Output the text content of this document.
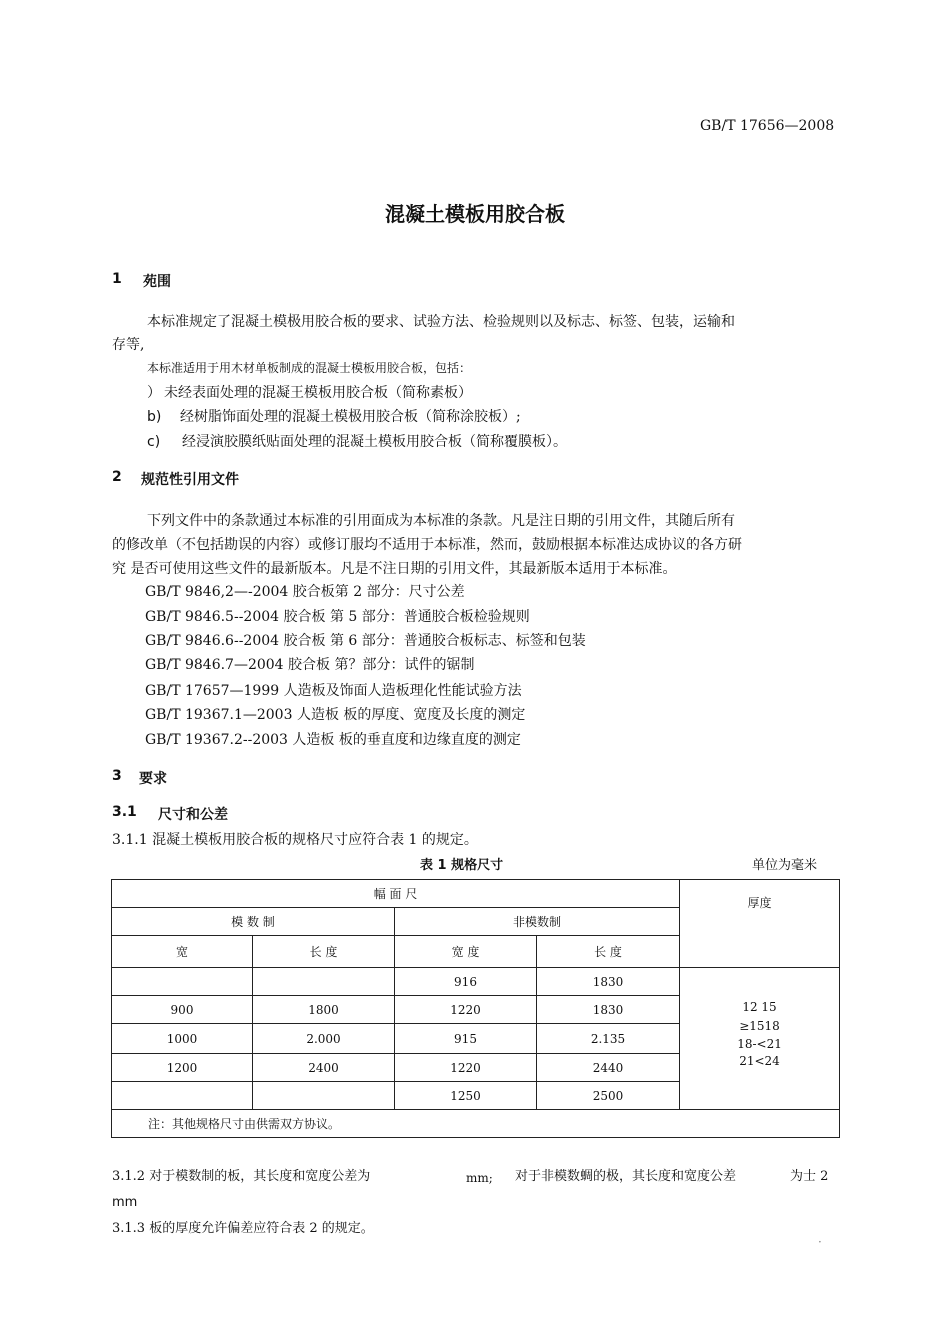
GB/T 17656—2008
混凝土模板用胶合板
1 苑围
本标准规定了混凝土模极用胶合板的要求、试验方法、检验规则以及标志、标签、包装，运输和
存等,
本标准适用于用木材单板制成的混凝士模板用胶合板，包括：
） 未经表面处理的混凝王模板用胶合板（简称素板）
b) 经树脂饰面处理的混凝土模极用胶合板（简称涂胶板）;
c) 经浸演胶膜纸贴面处理的混凝土模板用胶合板（简称覆膜板）。
2 规范性引用文件
下列文件中的条款通过本标准的引用面成为本标准的条款。凡是注日期的引用文件，其随后所有
的修改单（不包括勘误的内容）或修订服均不适用于本标准，然而，鼓励根据本标准达成协议的各方研
究 是否可使用这些文件的最新版本。凡是不注日期的引用文件，其最新版本适用于本标准。
GB/T 9846,2—-2004 胶合板第 2 部分：尺寸公差
GB/T 9846.5--2004 胶合板 第 5 部分：普通胶合板检验规则
GB/T 9846.6--2004 胶合板 第 6 部分：普通胶合板标志、标签和包装
GB/T 9846.7—2004 胶合板 第？部分：试件的锯制
GB/T 17657—1999 人造板及饰面人造板理化性能试验方法
GB/T 19367.1—2003 人造板 板的厚度、宽度及长度的测定
GB/T 19367.2--2003 人造板 板的垂直度和边缘直度的测定
3 要求
3.1 尺寸和公差
3.1.1 混凝土模板用胶合板的规格尺寸应符合表 1 的规定。
表 1 规格尺寸	单位为毫米
幅 面 尺				厚度
模 数 制		非模数制		
宽	长 度	宽 度	长 度	
		916	1830	12 15
≥1518
18-<21
21<24

900	1800	1220	1830	
1000	2.000	915	2.135	
1200	2400	1220	2440	
		1250	2500	
注：其他规格尺寸由供需双方协议。				
3.1.2 对于模数制的板，其长度和宽度公差为	mm; 对于非模数蜩的极，其长度和宽度公差	为士 2
mm
3.1.3 板的厚度允许偏差应符合表 2 的规定。
·
